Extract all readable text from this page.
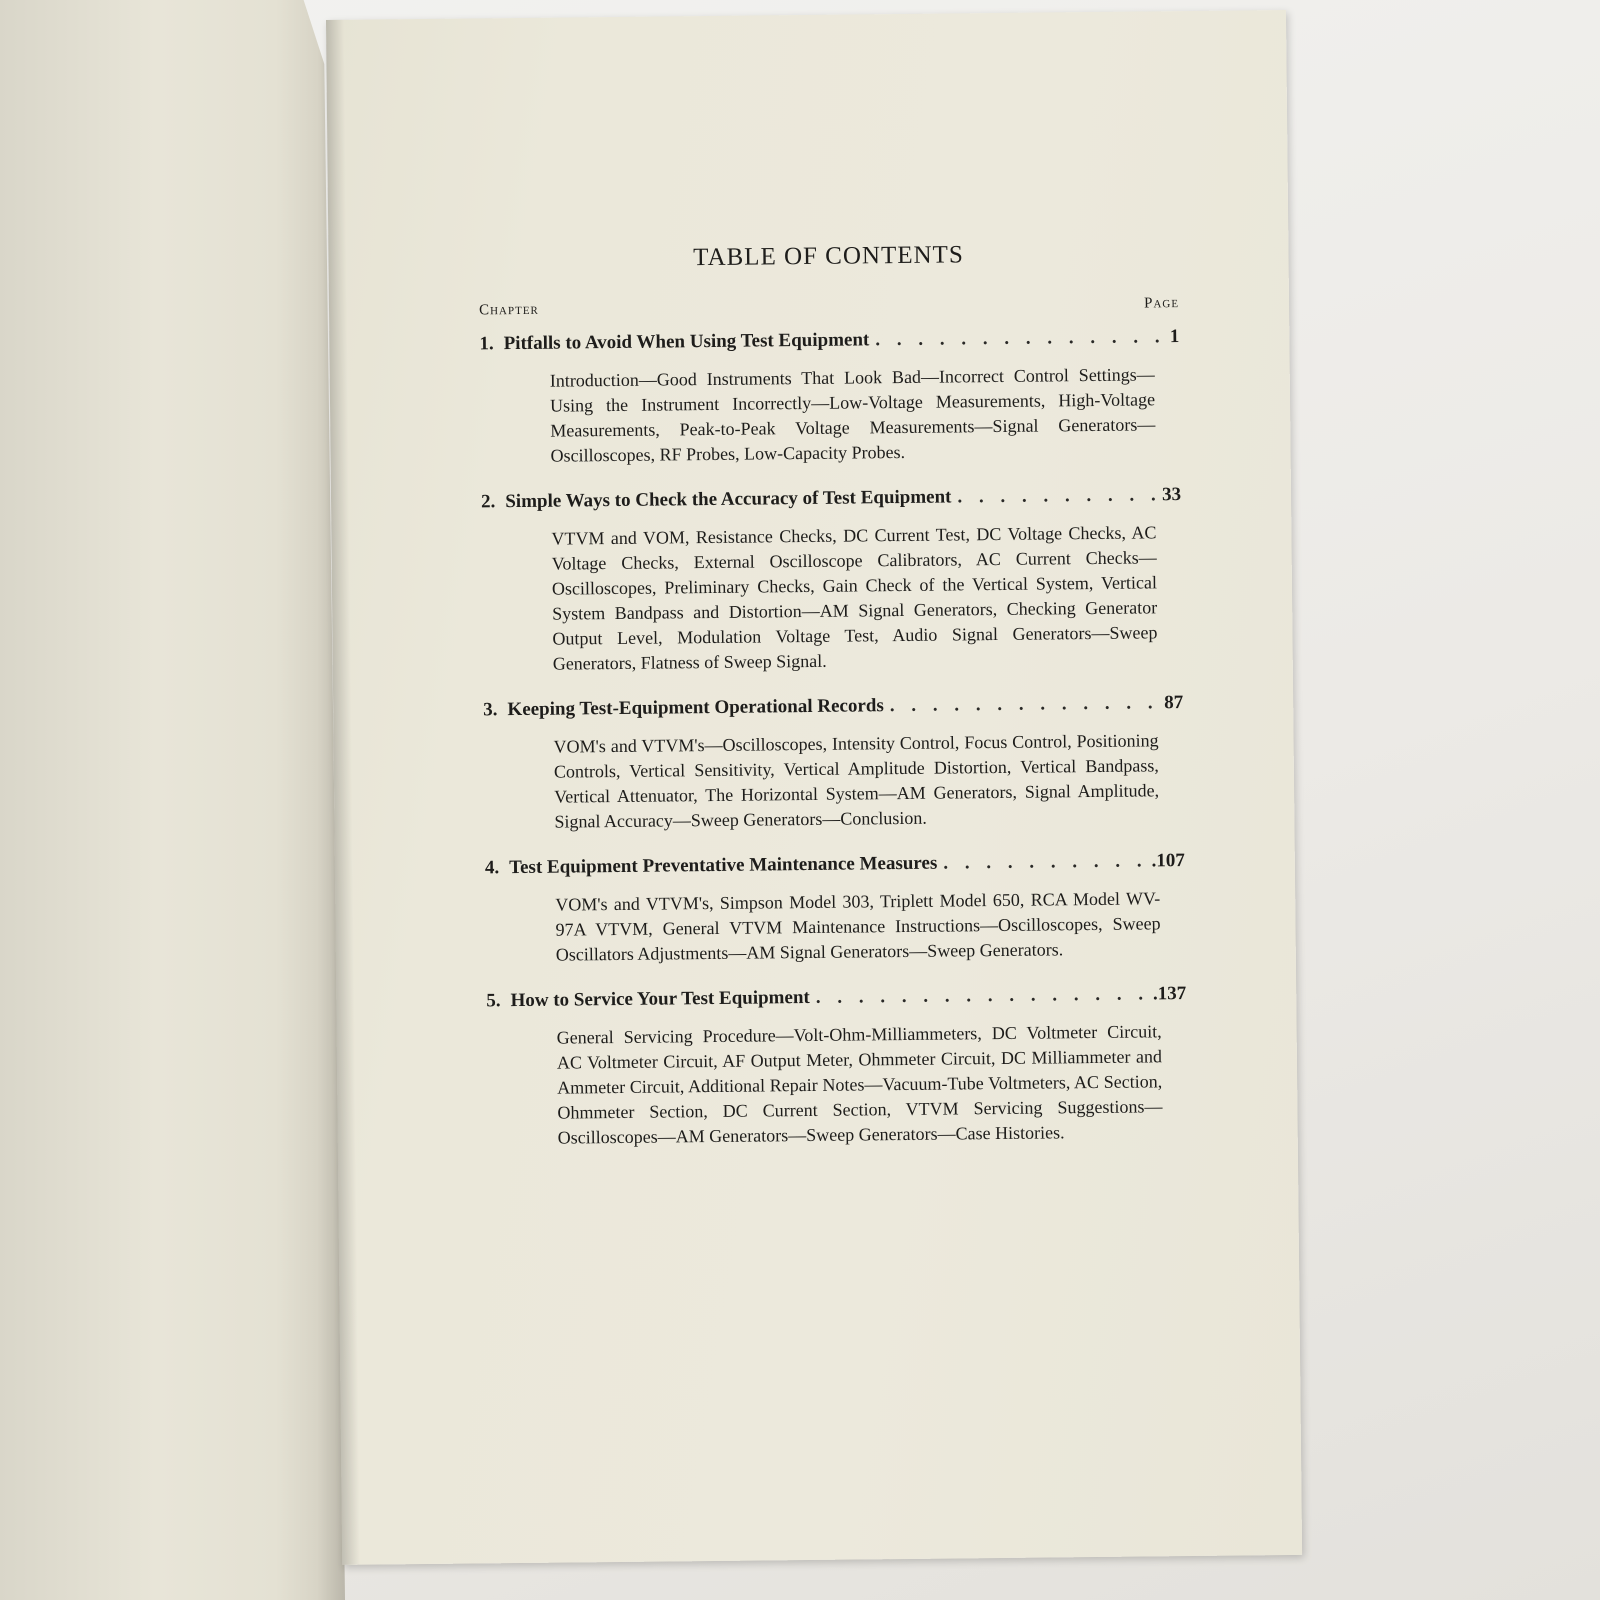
TABLE OF CONTENTS
Chapter	Page
1. Pitfalls to Avoid When Using Test Equipment . . .	1
Introduction—Good Instruments That Look Bad—Incorrect Control Settings—Using the Instrument Incorrectly—Low-Voltage Measurements, High-Voltage Measurements, Peak-to-Peak Voltage Measurements—Signal Generators—Oscilloscopes, RF Probes, Low-Capacity Probes.
2. Simple Ways to Check the Accuracy of Test Equipment . . .	33
VTVM and VOM, Resistance Checks, DC Current Test, DC Voltage Checks, AC Voltage Checks, External Oscilloscope Calibrators, AC Current Checks—Oscilloscopes, Preliminary Checks, Gain Check of the Vertical System, Vertical System Bandpass and Distortion—AM Signal Generators, Checking Generator Output Level, Modulation Voltage Test, Audio Signal Generators—Sweep Generators, Flatness of Sweep Signal.
3. Keeping Test-Equipment Operational Records . . .	87
VOM's and VTVM's—Oscilloscopes, Intensity Control, Focus Control, Positioning Controls, Vertical Sensitivity, Vertical Amplitude Distortion, Vertical Bandpass, Vertical Attenuator, The Horizontal System—AM Generators, Signal Amplitude, Signal Accuracy—Sweep Generators—Conclusion.
4. Test Equipment Preventative Maintenance Measures . . .	.107
VOM's and VTVM's, Simpson Model 303, Triplett Model 650, RCA Model WV-97A VTVM, General VTVM Maintenance Instructions—Oscilloscopes, Sweep Oscillators Adjustments—AM Signal Generators—Sweep Generators.
5. How to Service Your Test Equipment . . .	.137
General Servicing Procedure—Volt-Ohm-Milliammeters, DC Voltmeter Circuit, AC Voltmeter Circuit, AF Output Meter, Ohmmeter Circuit, DC Milliammeter and Ammeter Circuit, Additional Repair Notes—Vacuum-Tube Voltmeters, AC Section, Ohmmeter Section, DC Current Section, VTVM Servicing Suggestions—Oscilloscopes—AM Generators—Sweep Generators—Case Histories.
